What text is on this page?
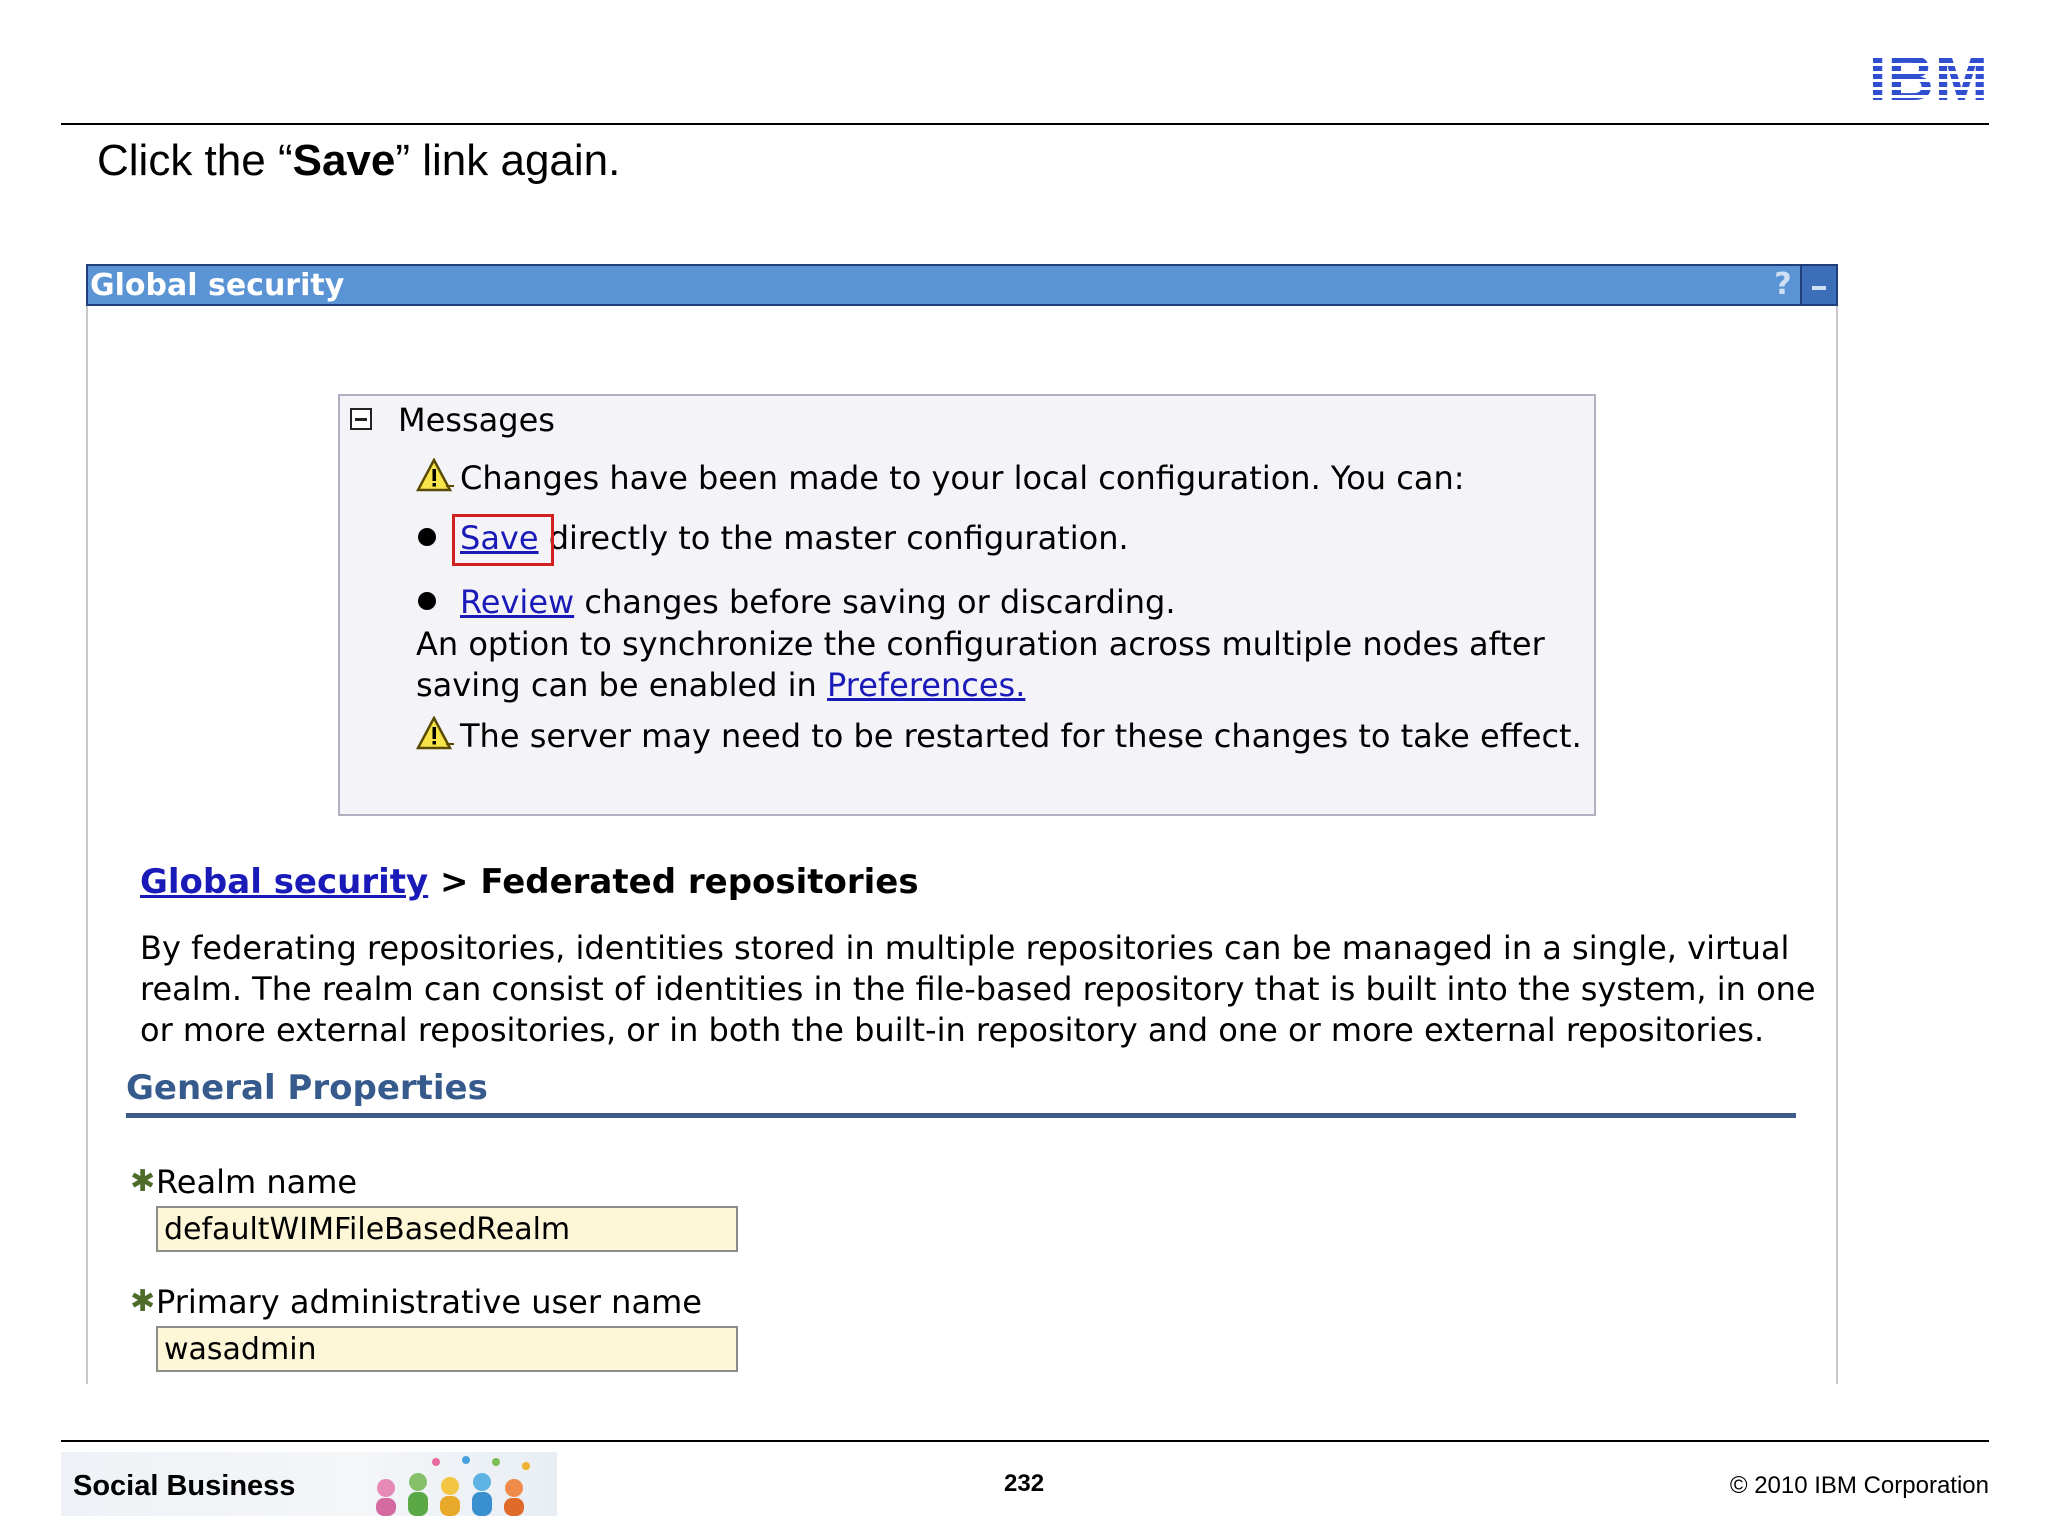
IBM
Click the “Save” link again.
Global security	?
Messages
Changes have been made to your local configuration. You can:
Save directly to the master configuration.
Review changes before saving or discarding.
An option to synchronize the configuration across multiple nodes after
saving can be enabled in Preferences.
The server may need to be restarted for these changes to take effect.
Global security > Federated repositories
By federating repositories, identities stored in multiple repositories can be managed in a single, virtual realm. The realm can consist of identities in the file-based repository that is built into the system, in one or more external repositories, or in both the built-in repository and one or more external repositories.
General Properties
✱Realm name
defaultWIMFileBasedRealm
✱Primary administrative user name
wasadmin
Social Business	232	© 2010 IBM Corporation
